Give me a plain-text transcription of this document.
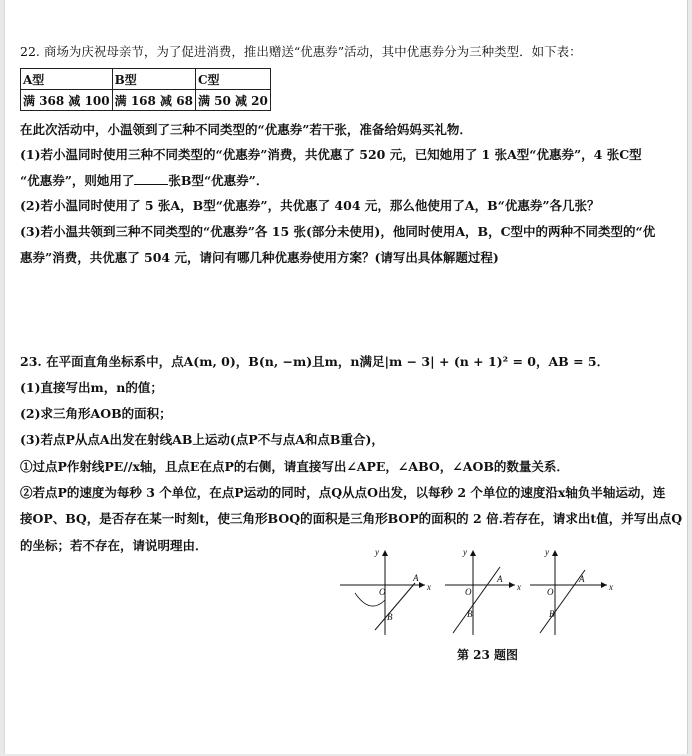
22. 商场为庆祝母亲节，为了促进消费，推出赠送“优惠券”活动，其中优惠券分为三种类型．如下表：
A型	B型	C型
满 368 减 100	满 168 减 68	满 50 减 20
在此次活动中，小温领到了三种不同类型的“优惠券”若干张，准备给妈妈买礼物．
(1)若小温同时使用三种不同类型的“优惠券”消费，共优惠了 520 元，已知她用了 1 张A型“优惠券”，4 张C型
“优惠券”，则她用了	张B型“优惠券”．
(2)若小温同时使用了 5 张A，B型“优惠券”，共优惠了 404 元，那么他使用了A，B“优惠券”各几张？
(3)若小温共领到三种不同类型的“优惠券”各 15 张(部分未使用)，他同时使用A，B，C型中的两种不同类型的“优
惠券”消费，共优惠了 504 元，请问有哪几种优惠券使用方案？(请写出具体解题过程)
23. 在平面直角坐标系中，点A(m, 0)，B(n, −m)且m，n满足|m − 3| + (n + 1)² = 0，AB = 5．
(1)直接写出m，n的值；
(2)求三角形AOB的面积；
(3)若点P从点A出发在射线AB上运动(点P不与点A和点B重合)，
①过点P作射线PE//x轴，且点E在点P的右侧，请直接写出∠APE，∠ABO，∠AOB的数量关系．
②若点P的速度为每秒 3 个单位，在点P运动的同时，点Q从点O出发，以每秒 2 个单位的速度沿x轴负半轴运动，连
接OP、BQ，是否存在某一时刻t，使三角形BOQ的面积是三角形BOP的面积的 2 倍.若存在，请求出t值，并写出点Q
的坐标；若不存在，请说明理由．
x
y
O
A
B
x
y
O
A
B
x
y
O
A
B
第 23 题图
